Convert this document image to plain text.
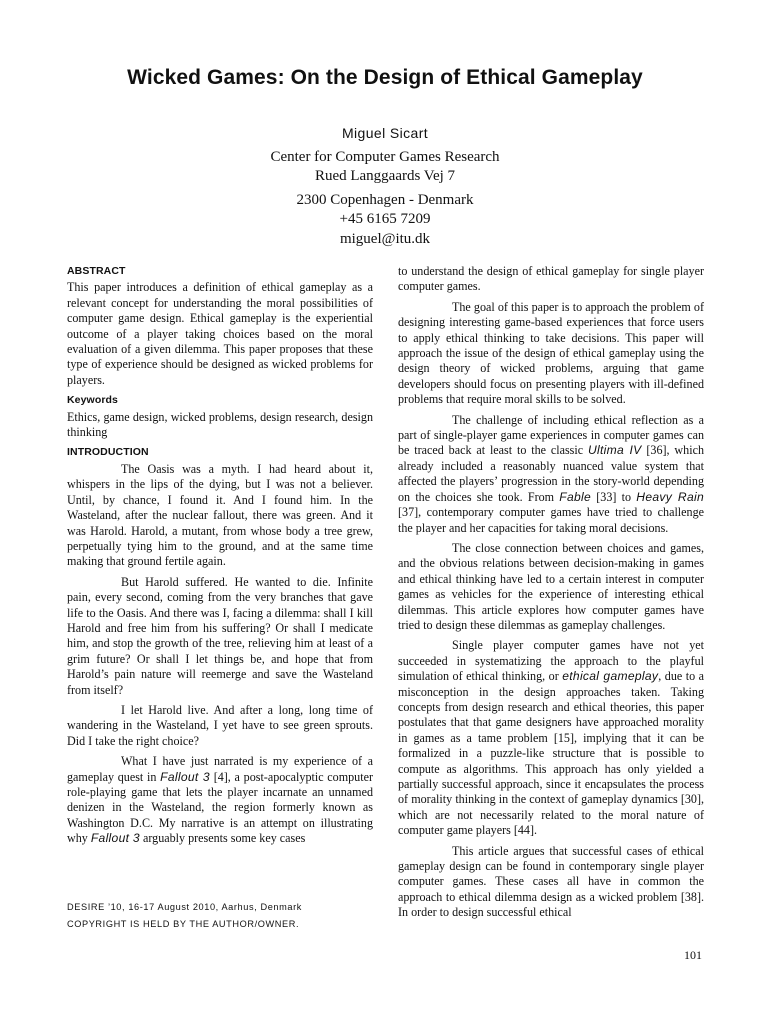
Wicked Games: On the Design of Ethical Gameplay
Miguel Sicart
Center for Computer Games Research
Rued Langgaards Vej 7
2300 Copenhagen - Denmark
+45 6165 7209
miguel@itu.dk
ABSTRACT

This paper introduces a definition of ethical gameplay as a relevant concept for understanding the moral possibilities of computer game design. Ethical gameplay is the experiential outcome of a player taking choices based on the moral evaluation of a given dilemma. This paper proposes that these type of experience should be designed as wicked problems for players.

Keywords

Ethics, game design, wicked problems, design research, design thinking

INTRODUCTION

The Oasis was a myth. I had heard about it, whispers in the lips of the dying, but I was not a believer. Until, by chance, I found it. And I found him. In the Wasteland, after the nuclear fallout, there was green. And it was Harold. Harold, a mutant, from whose body a tree grew, perpetually tying him to the ground, and at the same time making that ground fertile again.

But Harold suffered. He wanted to die. Infinite pain, every second, coming from the very branches that gave life to the Oasis. And there was I, facing a dilemma: shall I kill Harold and free him from his suffering? Or shall I medicate him, and stop the growth of the tree, relieving him at least of a grim future? Or shall I let things be, and hope that from Harold’s pain nature will reemerge and save the Wasteland from itself?

I let Harold live. And after a long, long time of wandering in the Wasteland, I yet have to see green sprouts. Did I take the right choice?

What I have just narrated is my experience of a gameplay quest in Fallout 3 [4], a post-apocalyptic computer role-playing game that lets the player incarnate an unnamed denizen in the Wasteland, the region formerly known as Washington D.C. My narrative is an attempt on illustrating why Fallout 3 arguably presents some key cases

to understand the design of ethical gameplay for single player computer games.

The goal of this paper is to approach the problem of designing interesting game-based experiences that force users to apply ethical thinking to take decisions. This paper will approach the issue of the design of ethical gameplay using the design theory of wicked problems, arguing that game developers should focus on presenting players with ill-defined problems that require moral skills to be solved.

The challenge of including ethical reflection as a part of single-player game experiences in computer games can be traced back at least to the classic Ultima IV [36], which already included a reasonably nuanced value system that affected the players’ progression in the story-world depending on the choices she took. From Fable [33] to Heavy Rain [37], contemporary computer games have tried to challenge the player and her capacities for taking moral decisions.

The close connection between choices and games, and the obvious relations between decision-making in games and ethical thinking have led to a certain interest in computer games as vehicles for the experience of interesting ethical dilemmas. This article explores how computer games have tried to design these dilemmas as gameplay challenges.

Single player computer games have not yet succeeded in systematizing the approach to the playful simulation of ethical thinking, or ethical gameplay, due to a misconception in the design approaches taken. Taking concepts from design research and ethical theories, this paper postulates that that game designers have approached morality in games as a tame problem [15], implying that it can be formalized in a puzzle-like structure that is possible to compute as algorithms. This approach has only yielded a partially successful approach, since it encapsulates the process of morality thinking in the context of gameplay dynamics [30], which are not necessarily related to the moral nature of computer game players [44].

This article argues that successful cases of ethical gameplay design can be found in contemporary single player computer games. These cases all have in common the approach to ethical dilemma design as a wicked problem [38]. In order to design successful ethical

DESIRE ’10, 16-17 August 2010, Aarhus, Denmark
COPYRIGHT IS HELD BY THE AUTHOR/OWNER.
101
